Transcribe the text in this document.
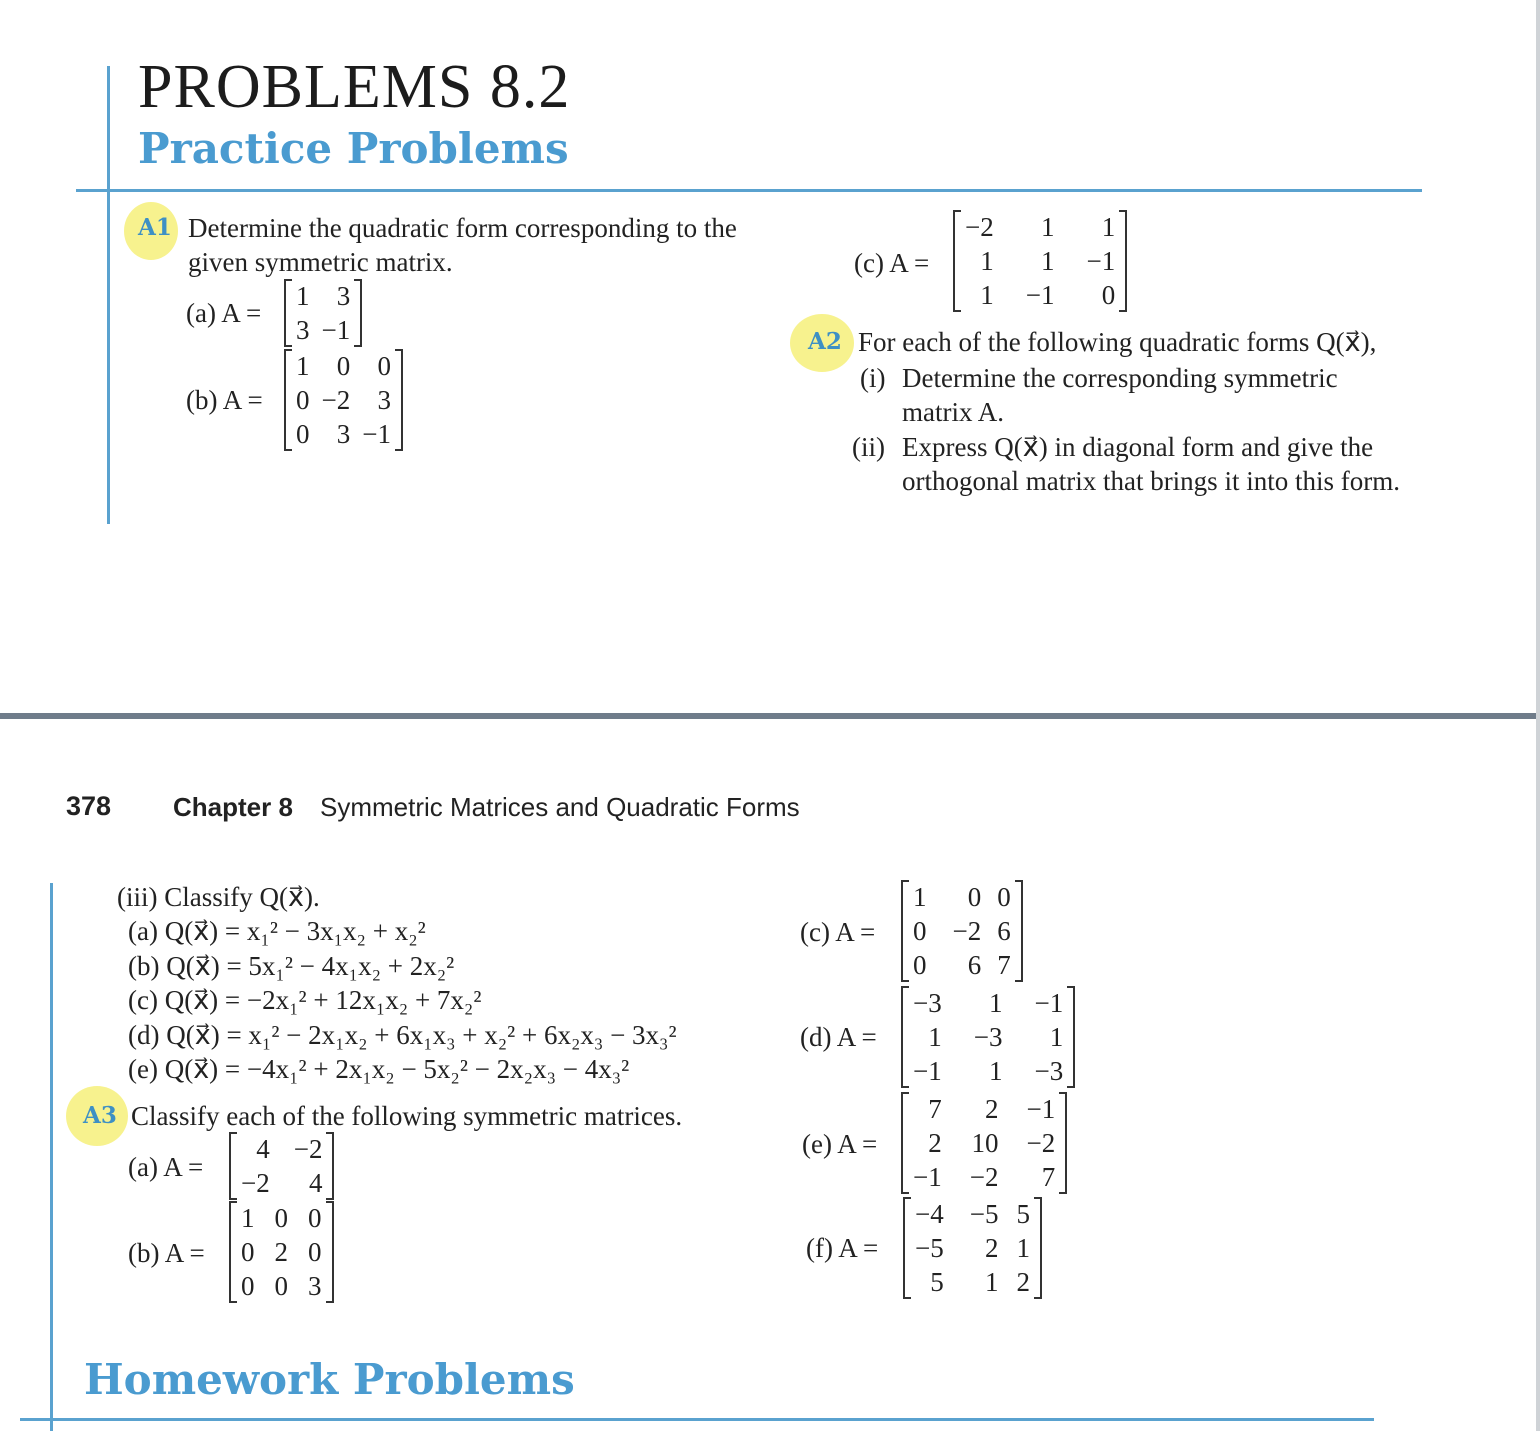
PROBLEMS 8.2
Practice Problems
A1 Determine the quadratic form corresponding to the
given symmetric matrix.
(a) A =
1	3
3	−1
(b) A =
1	0	0
0	−2	3
0	3	−1
(c) A =
−2	1	1
1	1	−1
1	−1	0
A2 For each of the following quadratic forms Q(x⃗),
(i) Determine the corresponding symmetric
matrix A.
(ii) Express Q(x⃗) in diagonal form and give the
orthogonal matrix that brings it into this form.
378 Chapter 8 Symmetric Matrices and Quadratic Forms
(iii) Classify Q(x⃗).
(a) Q(x⃗) = x₁² − 3x₁x₂ + x₂²
(b) Q(x⃗) = 5x₁² − 4x₁x₂ + 2x₂²
(c) Q(x⃗) = −2x₁² + 12x₁x₂ + 7x₂²
(d) Q(x⃗) = x₁² − 2x₁x₂ + 6x₁x₃ + x₂² + 6x₂x₃ − 3x₃²
(e) Q(x⃗) = −4x₁² + 2x₁x₂ − 5x₂² − 2x₂x₃ − 4x₃²
A3 Classify each of the following symmetric matrices.
(a) A =
4	−2
−2	4
(b) A =
1	0	0
0	2	0
0	0	3
(c) A =
1	0	0
0	−2	6
0	6	7
(d) A =
−3	1	−1
1	−3	1
−1	1	−3
(e) A =
7	2	−1
2	10	−2
−1	−2	7
(f) A =
−4	−5	5
−5	2	1
5	1	2
Homework Problems
